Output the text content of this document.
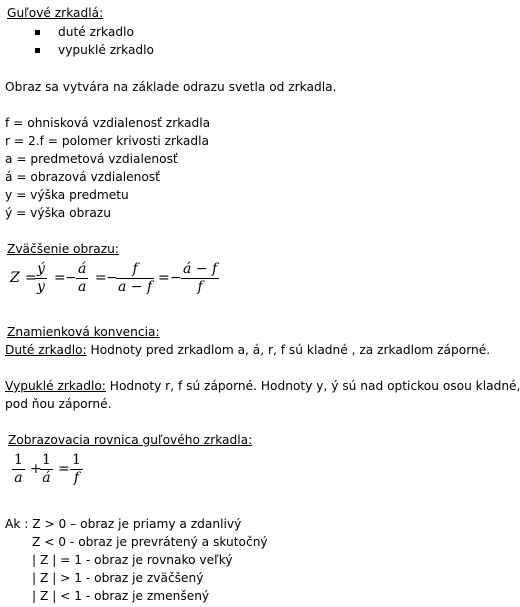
Guľové zrkadlá:
duté zrkadlo
vypuklé zrkadlo
Obraz sa vytvára na základe odrazu svetla od zrkadla.
f = ohnisková vzdialenosť zrkadla
r = 2.f = polomer krivosti zrkadla
a = predmetová vzdialenosť
á = obrazová vzdialenosť
y = výška predmetu
ý = výška obrazu
Zväčšenie obrazu:
Z =
ý
y
= −
á
a
= −
f
a − f
= −
á − f
f
Znamienková konvencia:
Duté zrkadlo: Hodnoty pred zrkadlom a, á, r, f sú kladné , za zrkadlom záporné.
Vypuklé zrkadlo: Hodnoty r, f sú záporné. Hodnoty y, ý sú nad optickou osou kladné,
pod ňou záporné.
Zobrazovacia rovnica guľového zrkadla:
1
a
+
1
á
=
1
f
Ak : Z > 0 – obraz je priamy a zdanlivý
Z < 0 - obraz je prevrátený a skutočný
| Z | = 1 - obraz je rovnako veľký
| Z | > 1 - obraz je zväčšený
| Z | < 1 - obraz je zmenšený
